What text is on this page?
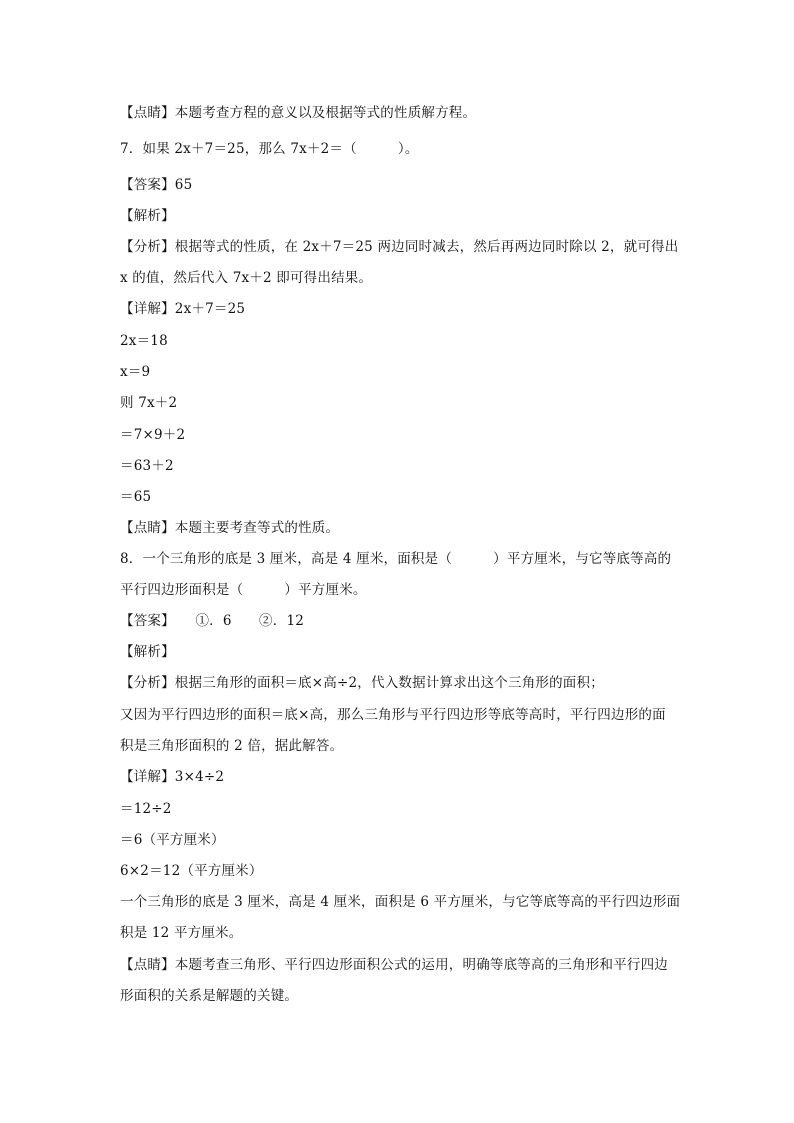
【点睛】本题考查方程的意义以及根据等式的性质解方程。
7．如果 2x＋7＝25，那么 7x＋2＝（　　　）。
【答案】65
【解析】
【分析】根据等式的性质，在 2x＋7＝25 两边同时减去，然后再两边同时除以 2，就可得出
x 的值，然后代入 7x＋2 即可得出结果。
【详解】2x＋7＝25
2x＝18
x＝9
则 7x＋2
＝7×9＋2
＝63＋2
＝65
【点睛】本题主要考查等式的性质。
8．一个三角形的底是 3 厘米，高是 4 厘米，面积是（　　　）平方厘米，与它等底等高的
平行四边形面积是（　　　）平方厘米。
【答案】　　①．6　　②．12
【解析】
【分析】根据三角形的面积＝底×高÷2，代入数据计算求出这个三角形的面积；
又因为平行四边形的面积＝底×高，那么三角形与平行四边形等底等高时，平行四边形的面
积是三角形面积的 2 倍，据此解答。
【详解】3×4÷2
＝12÷2
＝6（平方厘米）
6×2＝12（平方厘米）
一个三角形的底是 3 厘米，高是 4 厘米，面积是 6 平方厘米，与它等底等高的平行四边形面
积是 12 平方厘米。
【点睛】本题考查三角形、平行四边形面积公式的运用，明确等底等高的三角形和平行四边
形面积的关系是解题的关键。
